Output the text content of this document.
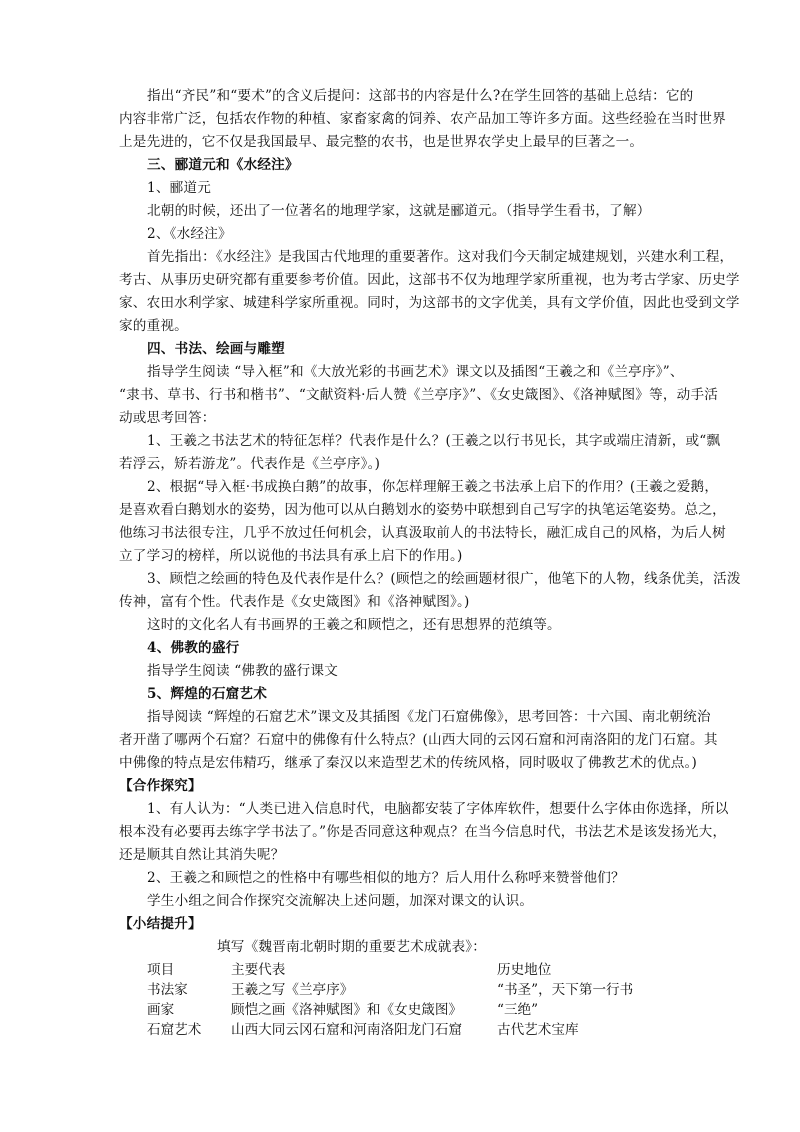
指出“齐民”和“要术”的含义后提问：这部书的内容是什么?在学生回答的基础上总结：它的
内容非常广泛，包括农作物的种植、家畜家禽的饲养、农产品加工等许多方面。这些经验在当时世界
上是先进的，它不仅是我国最早、最完整的农书，也是世界农学史上最早的巨著之一。
三、郦道元和《水经注》
1、郦道元
北朝的时候，还出了一位著名的地理学家，这就是郦道元。（指导学生看书，了解）
2、《水经注》
首先指出：《水经注》是我国古代地理的重要著作。这对我们今天制定城建规划，兴建水利工程，
考古、从事历史研究都有重要参考价值。因此，这部书不仅为地理学家所重视，也为考古学家、历史学
家、农田水利学家、城建科学家所重视。同时，为这部书的文字优美，具有文学价值，因此也受到文学
家的重视。
四、书法、绘画与雕塑
指导学生阅读 “导入框”和《大放光彩的书画艺术》课文以及插图“王羲之和《兰亭序》”、
“隶书、草书、行书和楷书”、“文献资料·后人赞《兰亭序》”、《女史箴图》、《洛神赋图》等，动手活
动或思考回答：
1、王羲之书法艺术的特征怎样？代表作是什么？(王羲之以行书见长，其字或端庄清新，或“飘
若浮云，矫若游龙”。代表作是《兰亭序》。)
2、根据“导入框·书成换白鹅”的故事，你怎样理解王羲之书法承上启下的作用？(王羲之爱鹅，
是喜欢看白鹅划水的姿势，因为他可以从白鹅划水的姿势中联想到自己写字的执笔运笔姿势。总之，
他练习书法很专注，几乎不放过任何机会，认真汲取前人的书法特长，融汇成自己的风格，为后人树
立了学习的榜样，所以说他的书法具有承上启下的作用。)
3、顾恺之绘画的特色及代表作是什么？(顾恺之的绘画题材很广，他笔下的人物，线条优美，活泼
传神，富有个性。代表作是《女史箴图》和《洛神赋图》。)
这时的文化名人有书画界的王羲之和顾恺之，还有思想界的范缜等。
4、佛教的盛行
指导学生阅读 “佛教的盛行课文
5、辉煌的石窟艺术
指导阅读 “辉煌的石窟艺术”课文及其插图《龙门石窟佛像》，思考回答：十六国、南北朝统治
者开凿了哪两个石窟？石窟中的佛像有什么特点？(山西大同的云冈石窟和河南洛阳的龙门石窟。其
中佛像的特点是宏伟精巧，继承了秦汉以来造型艺术的传统风格，同时吸収了佛教艺术的优点。)
【合作探究】
1、有人认为：“人类已进入信息时代，电脑都安装了字体库软件，想要什么字体由你选择，所以
根本没有必要再去练字学书法了。”你是否同意这种观点？在当今信息时代，书法艺术是该发扬光大，
还是顺其自然让其消失呢？
2、王羲之和顾恺之的性格中有哪些相似的地方？后人用什么称呼来赞誉他们？
学生小组之间合作探究交流解决上述问题，加深对课文的认识。
【小结提升】
填写《魏晋南北朝时期的重要艺术成就表》：
项目	主要代表	历史地位
书法家	王羲之写《兰亭序》	“书圣”，天下第一行书
画家	顾恺之画《洛神赋图》和《女史箴图》	“三绝”
石窟艺术 山西大同云冈石窟和河南洛阳龙门石窟	古代艺术宝库
